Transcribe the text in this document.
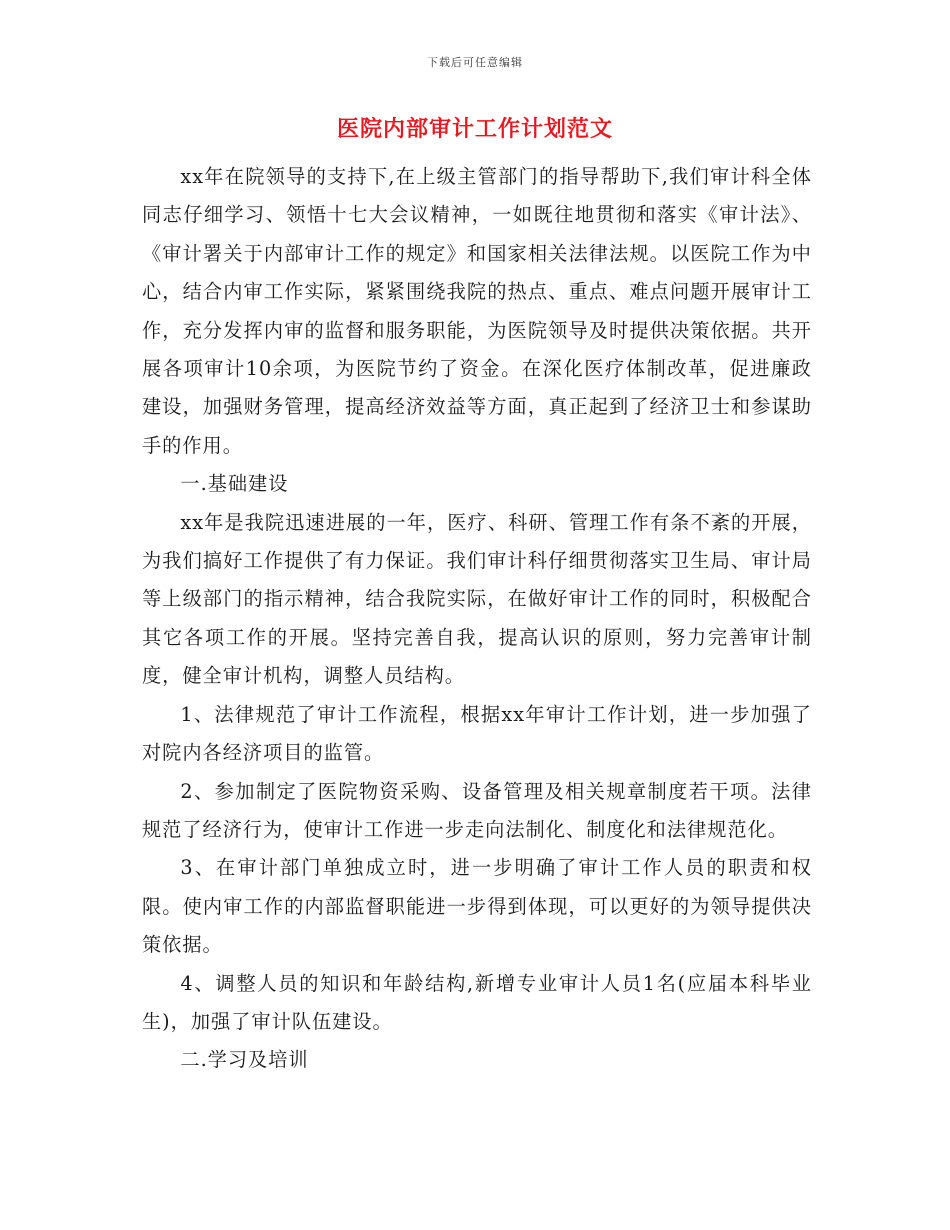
下载后可任意编辑
医院内部审计工作计划范文

xx年在院领导的支持下,在上级主管部门的指导帮助下,我们审计科全体同志仔细学习、领悟十七大会议精神，一如既往地贯彻和落实《审计法》、《审计署关于内部审计工作的规定》和国家相关法律法规。以医院工作为中心，结合内审工作实际，紧紧围绕我院的热点、重点、难点问题开展审计工作，充分发挥内审的监督和服务职能，为医院领导及时提供决策依据。共开展各项审计10余项，为医院节约了资金。在深化医疗体制改革，促进廉政建设，加强财务管理，提高经济效益等方面，真正起到了经济卫士和参谋助手的作用。

一.基础建设

xx年是我院迅速进展的一年，医疗、科研、管理工作有条不紊的开展，为我们搞好工作提供了有力保证。我们审计科仔细贯彻落实卫生局、审计局等上级部门的指示精神，结合我院实际，在做好审计工作的同时，积极配合其它各项工作的开展。坚持完善自我，提高认识的原则，努力完善审计制度，健全审计机构，调整人员结构。

1、法律规范了审计工作流程，根据xx年审计工作计划，进一步加强了对院内各经济项目的监管。

2、参加制定了医院物资采购、设备管理及相关规章制度若干项。法律规范了经济行为，使审计工作进一步走向法制化、制度化和法律规范化。

3、在审计部门单独成立时，进一步明确了审计工作人员的职责和权限。使内审工作的内部监督职能进一步得到体现，可以更好的为领导提供决策依据。

4、调整人员的知识和年龄结构,新增专业审计人员1名(应届本科毕业生)，加强了审计队伍建设。

二.学习及培训
